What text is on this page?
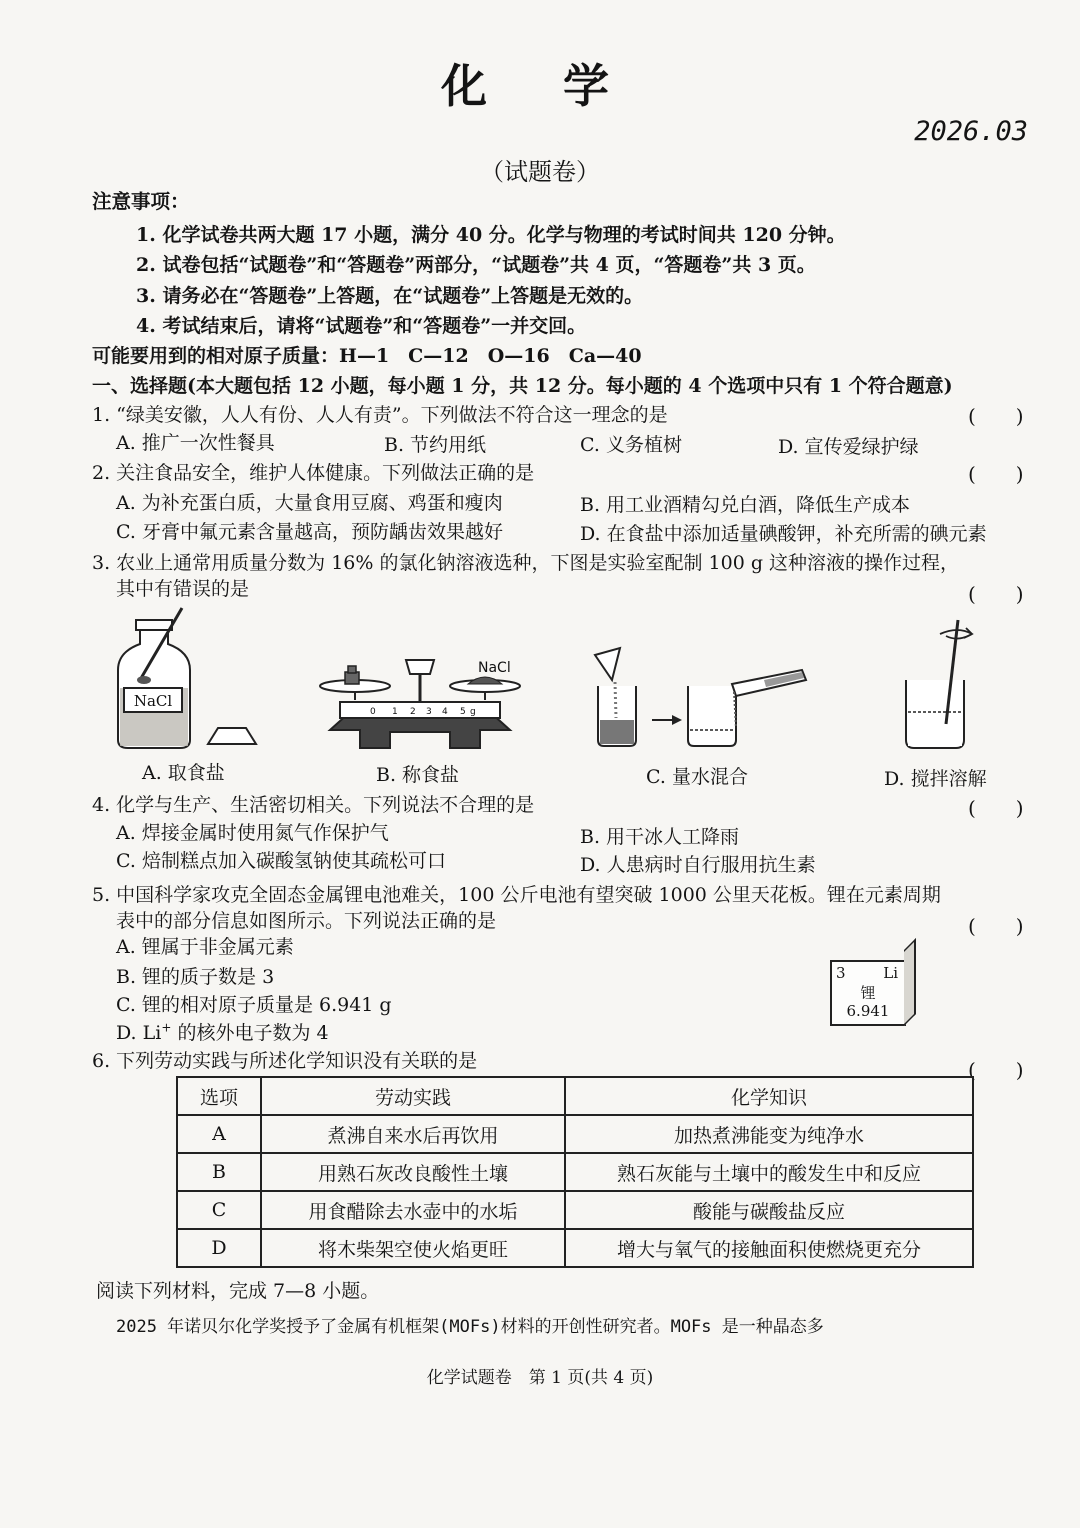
化 学
2026.03
（试题卷）
注意事项：
1. 化学试卷共两大题 17 小题，满分 40 分。化学与物理的考试时间共 120 分钟。
2. 试卷包括“试题卷”和“答题卷”两部分，“试题卷”共 4 页，“答题卷”共 3 页。
3. 请务必在“答题卷”上答题，在“试题卷”上答题是无效的。
4. 考试结束后，请将“试题卷”和“答题卷”一并交回。
可能要用到的相对原子质量：H—1　C—12　O—16　Ca—40
一、选择题(本大题包括 12 小题，每小题 1 分，共 12 分。每小题的 4 个选项中只有 1 个符合题意)
1. “绿美安徽，人人有份、人人有责”。下列做法不符合这一理念的是	(　　)
A. 推广一次性餐具	B. 节约用纸	C. 义务植树	D. 宣传爱绿护绿
2. 关注食品安全，维护人体健康。下列做法正确的是	(　　)
A. 为补充蛋白质，大量食用豆腐、鸡蛋和瘦肉	B. 用工业酒精勾兑白酒，降低生产成本
C. 牙膏中氟元素含量越高，预防龋齿效果越好	D. 在食盐中添加适量碘酸钾，补充所需的碘元素
3. 农业上通常用质量分数为 16% 的氯化钠溶液选种，下图是实验室配制 100 g 这种溶液的操作过程，
其中有错误的是	(　　)
NaCl
0 1 2 3 4 5 g
NaCl
A. 取食盐	B. 称食盐	C. 量水混合	D. 搅拌溶解
4. 化学与生产、生活密切相关。下列说法不合理的是	(　　)
A. 焊接金属时使用氮气作保护气	B. 用干冰人工降雨
C. 焙制糕点加入碳酸氢钠使其疏松可口	D. 人患病时自行服用抗生素
5. 中国科学家攻克全固态金属锂电池难关，100 公斤电池有望突破 1000 公里天花板。锂在元素周期
表中的部分信息如图所示。下列说法正确的是	(　　)
A. 锂属于非金属元素
B. 锂的质子数是 3
C. 锂的相对原子质量是 6.941 g
D. Li+ 的核外电子数为 4
3	Li
锂
6.941
6. 下列劳动实践与所述化学知识没有关联的是	(　　)
选项	劳动实践	化学知识
A	煮沸自来水后再饮用	加热煮沸能变为纯净水
B	用熟石灰改良酸性土壤	熟石灰能与土壤中的酸发生中和反应
C	用食醋除去水壶中的水垢	酸能与碳酸盐反应
D	将木柴架空使火焰更旺	增大与氧气的接触面积使燃烧更充分
阅读下列材料，完成 7—8 小题。
2025 年诺贝尔化学奖授予了金属有机框架(MOFs)材料的开创性研究者。MOFs 是一种晶态多
化学试题卷　第 1 页(共 4 页)
